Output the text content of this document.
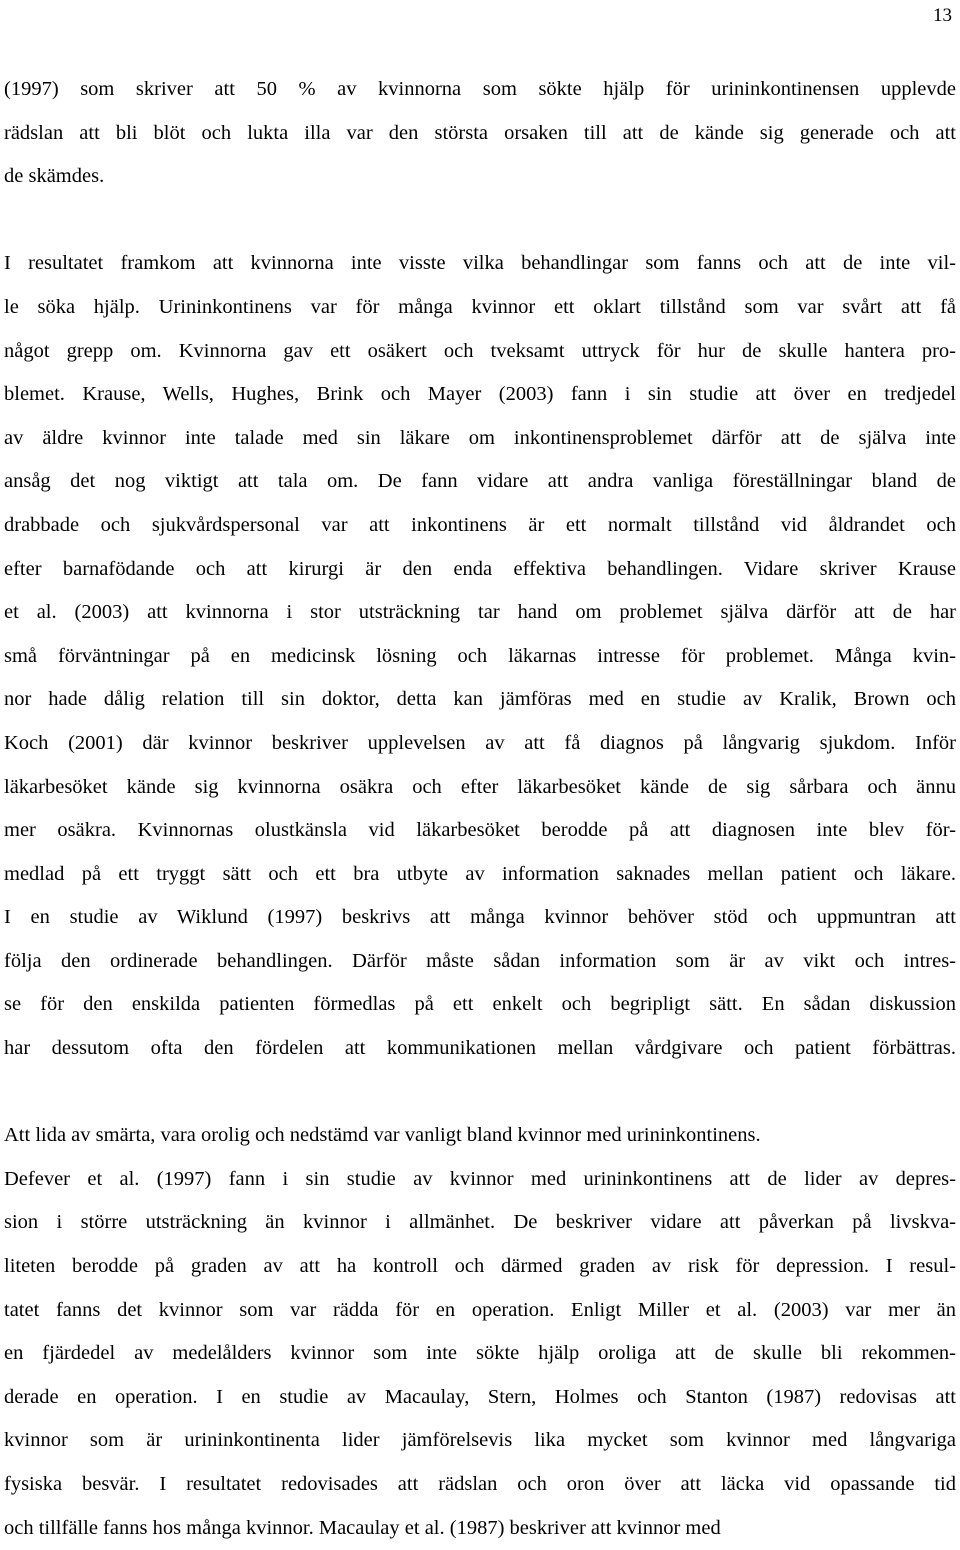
13
(1997) som skriver att 50 % av kvinnorna som sökte hjälp för urininkontinensen upplevde
rädslan att bli blöt och lukta illa var den största orsaken till att de kände sig generade och att
de skämdes.
I resultatet framkom att kvinnorna inte visste vilka behandlingar som fanns och att de inte vil-
le söka hjälp. Urininkontinens var för många kvinnor ett oklart tillstånd som var svårt att få
något grepp om. Kvinnorna gav ett osäkert och tveksamt uttryck för hur de skulle hantera pro-
blemet. Krause, Wells, Hughes, Brink och Mayer (2003) fann i sin studie att över en tredjedel
av äldre kvinnor inte talade med sin läkare om inkontinensproblemet därför att de själva inte
ansåg det nog viktigt att tala om. De fann vidare att andra vanliga föreställningar bland de
drabbade och sjukvårdspersonal var att inkontinens är ett normalt tillstånd vid åldrandet och
efter barnafödande och att kirurgi är den enda effektiva behandlingen. Vidare skriver Krause
et al. (2003) att kvinnorna i stor utsträckning tar hand om problemet själva därför att de har
små förväntningar på en medicinsk lösning och läkarnas intresse för problemet. Många kvin-
nor hade dålig relation till sin doktor, detta kan jämföras med en studie av Kralik, Brown och
Koch (2001) där kvinnor beskriver upplevelsen av att få diagnos på långvarig sjukdom. Inför
läkarbesöket kände sig kvinnorna osäkra och efter läkarbesöket kände de sig sårbara och ännu
mer osäkra. Kvinnornas olustkänsla vid läkarbesöket berodde på att diagnosen inte blev för-
medlad på ett tryggt sätt och ett bra utbyte av information saknades mellan patient och läkare.
I en studie av Wiklund (1997) beskrivs att många kvinnor behöver stöd och uppmuntran att
följa den ordinerade behandlingen. Därför måste sådan information som är av vikt och intres-
se för den enskilda patienten förmedlas på ett enkelt och begripligt sätt. En sådan diskussion
har dessutom ofta den fördelen att kommunikationen mellan vårdgivare och patient förbättras.
Att lida av smärta, vara orolig och nedstämd var vanligt bland kvinnor med urininkontinens.
Defever et al. (1997) fann i sin studie av kvinnor med urininkontinens att de lider av depres-
sion i större utsträckning än kvinnor i allmänhet. De beskriver vidare att påverkan på livskva-
liteten berodde på graden av att ha kontroll och därmed graden av risk för depression. I resul-
tatet fanns det kvinnor som var rädda för en operation. Enligt Miller et al. (2003) var mer än
en fjärdedel av medelålders kvinnor som inte sökte hjälp oroliga att de skulle bli rekommen-
derade en operation. I en studie av Macaulay, Stern, Holmes och Stanton (1987) redovisas att
kvinnor som är urininkontinenta lider jämförelsevis lika mycket som kvinnor med långvariga
fysiska besvär. I resultatet redovisades att rädslan och oron över att läcka vid opassande tid
och tillfälle fanns hos många kvinnor. Macaulay et al. (1987) beskriver att kvinnor med
